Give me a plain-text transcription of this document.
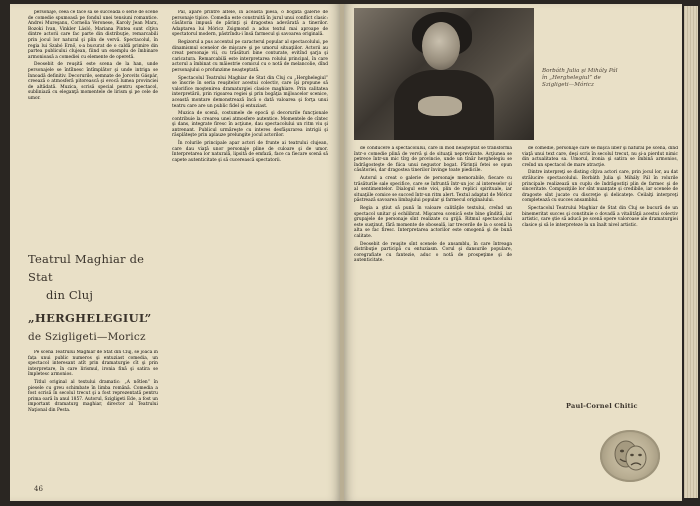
personaje, ceea ce face să se succeadă o serie de scene de comedie spumoasă pe fondul unei tensiuni romantice. Andrei Mureşanu, Cornelia Veronese, Karoly Jean Marx, Bozoki Ivan, Vinkler Lásló, Mariana Pintea sunt cîţiva dintre actorii care fac parte din distribuţie, remarcabili prin jocul lor natural şi plin de vervă. Spectacolul, în regia lui Szabó Ernő, s-a bucurat de o caldă primire din partea publicului clujean, fiind un exemplu de îmbinare armonioasă a comediei cu elemente de operetă.

Deosebit de reuşită este scena de la han, unde personajele se întîlnesc întîmplător şi unde intriga se înnoadă definitiv. Decorurile, semnate de Jorovits Gáspár, creează o atmosferă pitorească şi evocă lumea provinciei de altădată. Muzica, scrisă special pentru spectacol, subliniază cu eleganţă momentele de lirism şi pe cele de umor.

Teatrul Maghiar de Stat
din Cluj
„HERGHELEGIUL”
de Szigligeti—Moricz

Pe scena Teatrului Maghiar de Stat din Cluj, se joacă în fața unui public numeros şi entuziast comedia, un spectacol interesant atît prin dramaturgie cît şi prin interpretare, în care lirismul, ironia fină şi satira se împletesc armonios.

Titlul original al textului dramatic: „A nőtlen” în piesele cu greu schimbate în limba română. Comedia a fost scrisă în secolul trecut şi a fost reprezentată pentru prima oară în anul 1857. Autorul, Szigligeti Ede, a fost un important dramaturg maghiar, director al Teatrului Naţional din Pesta.

Pál, apare printre altele, în această piesă, o bogată galerie de personaje tipice. Comedia este construită în jurul unui conflict clasic: căsătoria impusă de părinţi şi dragostea adevărată a tinerilor. Adaptarea lui Móricz Zsigmond a adus textul mai aproape de spectatorul modern, păstrîndu-i însă farmecul şi savoarea originală.

Regizorul a pus accentul pe caracterul popular al spectacolului, pe dinamismul scenelor de mişcare şi pe umorul situaţiilor. Actorii au creat personaje vii, cu trăsături bine conturate, evitînd şarja şi caricatura. Remarcabilă este interpretarea rolului principal, în care actorul a îmbinat cu măiestrie comicul cu o notă de melancolie, dînd personajului o profunzime neaşteptată.

Spectacolul Teatrului Maghiar de Stat din Cluj cu „Herghelegiul” se înscrie în seria reuşitelor acestui colectiv, care îşi propune să valorifice moştenirea dramaturgiei clasice maghiare. Prin calitatea interpretării, prin rigoarea regiei şi prin bogăţia mijloacelor scenice, această montare demonstrează încă o dată valoarea şi forţa unui teatru care are un public fidel şi entuziast.

Muzica de scenă, costumele de epocă şi decorurile funcţionale contribuie la crearea unei atmosfere autentice. Momentele de cîntec şi dans, integrate firesc în acţiune, dau spectacolului un ritm viu şi antrenant. Publicul urmăreşte cu interes desfăşurarea intrigii şi răsplăteşte prin aplauze prelungite jocul actorilor.

În rolurile principale apar actori de frunte ai teatrului clujean, care dau viaţă unor personaje pline de culoare şi de umor. Interpretarea lor naturală, lipsită de emfază, face ca fiecare scenă să capete autenticitate şi să cucerească spectatorii.

46
Borbáth Julia şi Mihály Pál în „Herghelegiul” de Szigligeti—Móricz

de conducere a spectacolului, care în mod neaşteptat se transformă într-o comedie plină de vervă şi de situaţii neprevăzute. Acţiunea se petrece într-un mic tîrg de provincie, unde un tînăr herghelegiu se îndrăgosteşte de fiica unui negustor bogat. Părinţii fetei se opun căsătoriei, dar dragostea tinerilor învinge toate piedicile.

Autorul a creat o galerie de personaje memorabile, fiecare cu trăsăturile sale specifice, care se înfruntă într-un joc al intereselor şi al sentimentelor. Dialogul este vioi, plin de replici spirituale, iar situaţiile comice se succed într-un ritm alert. Textul adaptat de Móricz păstrează savoarea limbajului popular şi farmecul originalului.

Regia a ştiut să pună în valoare calităţile textului, creînd un spectacol unitar şi echilibrat. Mişcarea scenică este bine gîndită, iar grupajele de personaje sînt realizate cu grijă. Ritmul spectacolului este susţinut, fără momente de oboseală, iar trecerile de la o scenă la alta se fac firesc. Interpretarea actorilor este omogenă şi de bună calitate.

Deosebit de reuşite sînt scenele de ansamblu, în care întreaga distribuţie participă cu entuziasm. Corul şi dansurile populare, coregrafiate cu fantezie, aduc o notă de prospeţime şi de autenticitate.

de comedie, personaje care se mişcă liber şi natural pe scenă, dînd viaţă unui text care, deşi scris în secolul trecut, nu şi-a pierdut nimic din actualitatea sa. Umorul, ironia şi satira se îmbină armonios, creînd un spectacol de mare atracţie.

Dintre interpreţi se disting cîţiva actori care, prin jocul lor, au dat strălucire spectacolului. Borbáth Julia şi Mihály Pál în rolurile principale realizează un cuplu de îndrăgostiţi plin de farmec şi de sinceritate. Compoziţiile lor sînt nuanţate şi credibile, iar scenele de dragoste sînt jucate cu discreţie şi delicateţe. Ceilalţi interpreţi completează cu succes ansamblul.

Spectacolul Teatrului Maghiar de Stat din Cluj se bucură de un binemeritat succes şi constituie o dovadă a vitalităţii acestui colectiv artistic, care ştie să aducă pe scenă opere valoroase ale dramaturgiei clasice şi să le interpreteze la un înalt nivel artistic.

Paul-Cornel Chitic
